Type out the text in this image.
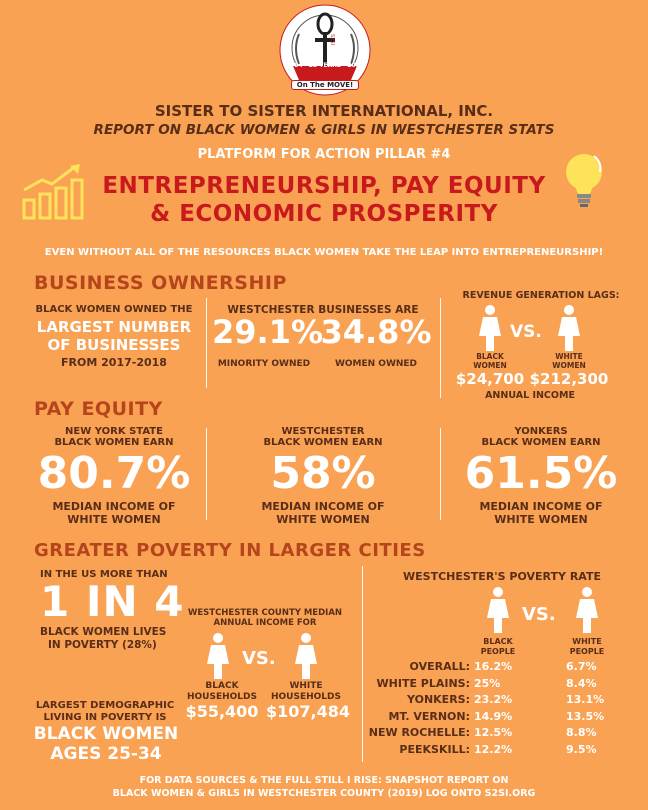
1994 25 YEARS 2019
On The MOVE!
S2SI
SISTER TO SISTER INTERNATIONAL, INC.
REPORT ON BLACK WOMEN & GIRLS IN WESTCHESTER STATS
PLATFORM FOR ACTION PILLAR #4
ENTREPRENEURSHIP, PAY EQUITY
& ECONOMIC PROSPERITY
EVEN WITHOUT ALL OF THE RESOURCES BLACK WOMEN TAKE THE LEAP INTO ENTREPRENEURSHIP!
BUSINESS OWNERSHIP
BLACK WOMEN OWNED THE
LARGEST NUMBER
OF BUSINESSES
FROM 2017-2018
WESTCHESTER BUSINESSES ARE
29.1%
34.8%
MINORITY OWNED	WOMEN OWNED
REVENUE GENERATION LAGS:
VS.
BLACK
WOMEN
WHITE
WOMEN
$24,700 $212,300
ANNUAL INCOME
PAY EQUITY
NEW YORK STATE
BLACK WOMEN EARN
80.7%
MEDIAN INCOME OF
WHITE WOMEN
WESTCHESTER
BLACK WOMEN EARN
58%
MEDIAN INCOME OF
WHITE WOMEN
YONKERS
BLACK WOMEN EARN
61.5%
MEDIAN INCOME OF
WHITE WOMEN
GREATER POVERTY IN LARGER CITIES
IN THE US MORE THAN
1 IN 4
BLACK WOMEN LIVES
IN POVERTY (28%)
WESTCHESTER COUNTY MEDIAN
ANNUAL INCOME FOR
VS.
BLACK
HOUSEHOLDS
WHITE
HOUSEHOLDS
$55,400 $107,484
LARGEST DEMOGRAPHIC
LIVING IN POVERTY IS
BLACK WOMEN
AGES 25-34
WESTCHESTER'S POVERTY RATE
VS.
BLACK
PEOPLE
WHITE
PEOPLE
OVERALL: 16.2%	6.7%
WHITE PLAINS: 25%	8.4%
YONKERS: 23.2%	13.1%
MT. VERNON: 14.9%	13.5%
NEW ROCHELLE: 12.5%	8.8%
PEEKSKILL: 12.2%	9.5%
FOR DATA SOURCES & THE FULL STILL I RISE: SNAPSHOT REPORT ON
BLACK WOMEN & GIRLS IN WESTCHESTER COUNTY (2019) LOG ONTO S2SI.ORG
